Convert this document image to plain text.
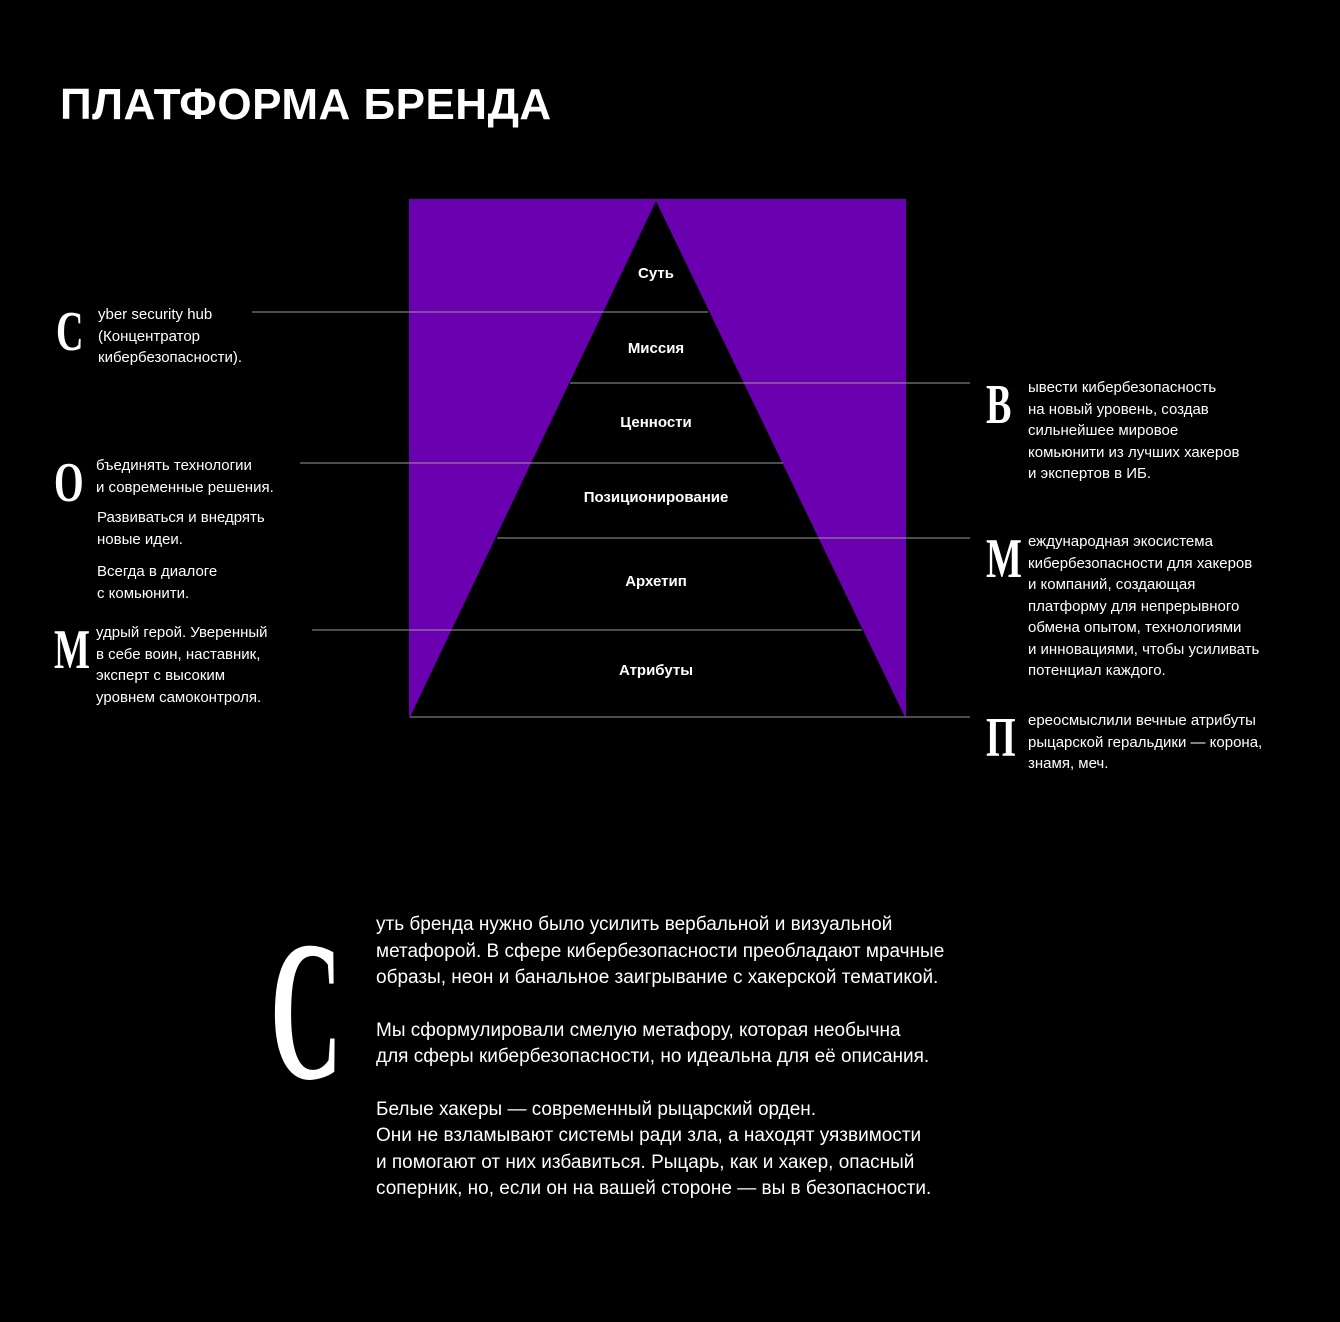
ПЛАТФОРМА БРЕНДА
Суть
Миссия
Ценности
Позиционирование
Архетип
Атрибуты
C yber security hub
(Концентратор
кибербезопасности).
О бъединять технологии
и современные решения.
Развиваться и внедрять
новые идеи.
Всегда в диалоге
с комьюнити.
М удрый герой. Уверенный
в себе воин, наставник,
эксперт с высоким
уровнем самоконтроля.
В ывести кибербезопасность
на новый уровень, создав
сильнейшее мировое
комьюнити из лучших хакеров
и экспертов в ИБ.
М еждународная экосистема
кибербезопасности для хакеров
и компаний, создающая
платформу для непрерывного
обмена опытом, технологиями
и инновациями, чтобы усиливать
потенциал каждого.
П ереосмыслили вечные атрибуты
рыцарской геральдики — корона,
знамя, меч.
С уть бренда нужно было усилить вербальной и визуальной
метафорой. В сфере кибербезопасности преобладают мрачные
образы, неон и банальное заигрывание с хакерской тематикой.

Мы сформулировали смелую метафору, которая необычна
для сферы кибербезопасности, но идеальна для её описания.

Белые хакеры — современный рыцарский орден.
Они не взламывают системы ради зла, а находят уязвимости
и помогают от них избавиться. Рыцарь, как и хакер, опасный
соперник, но, если он на вашей стороне — вы в безопасности.
